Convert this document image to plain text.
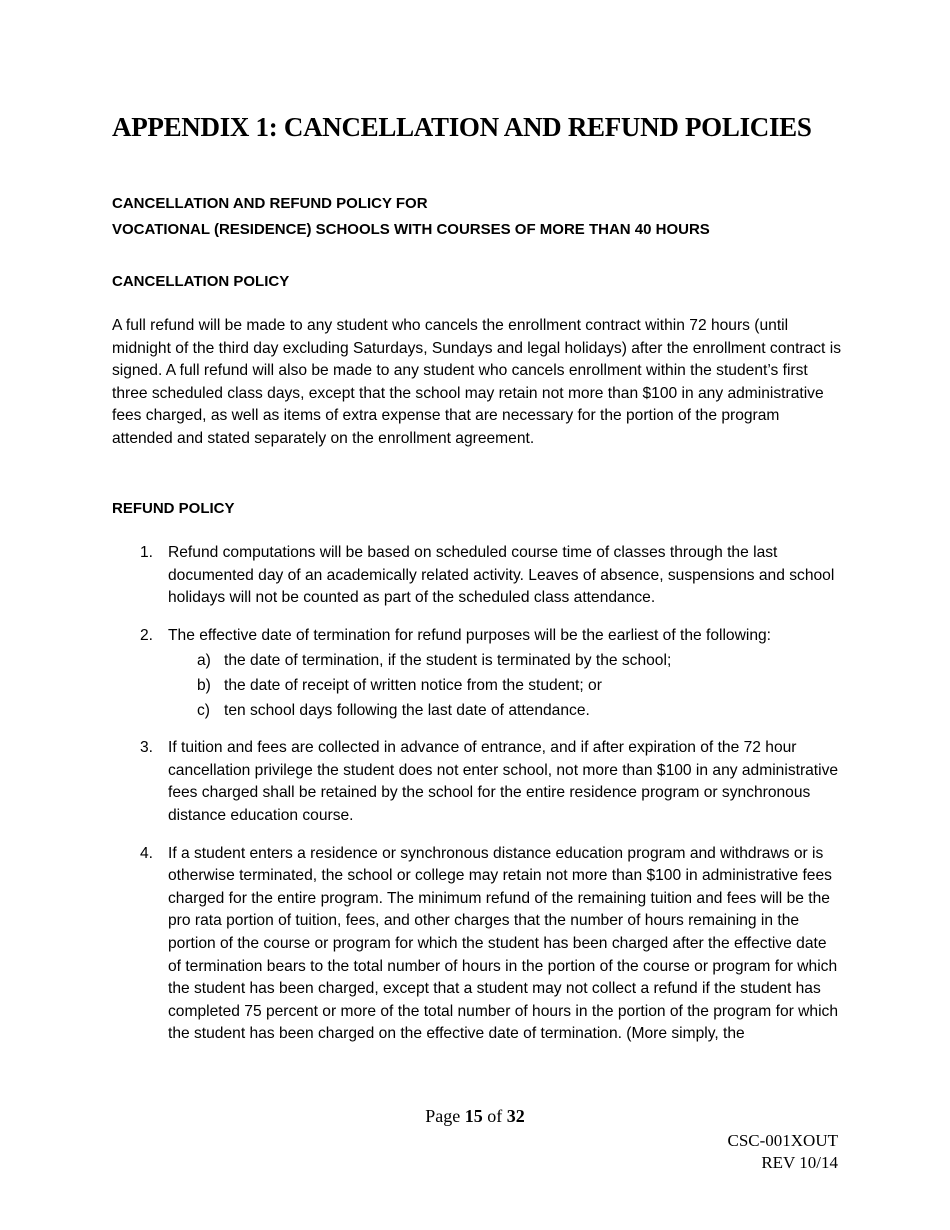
APPENDIX 1: CANCELLATION AND REFUND POLICIES

CANCELLATION AND REFUND POLICY FOR

VOCATIONAL (RESIDENCE) SCHOOLS WITH COURSES OF MORE THAN 40 HOURS

CANCELLATION POLICY

A full refund will be made to any student who cancels the enrollment contract within 72 hours (until midnight of the third day excluding Saturdays, Sundays and legal holidays) after the enrollment contract is signed. A full refund will also be made to any student who cancels enrollment within the student’s first three scheduled class days, except that the school may retain not more than $100 in any administrative fees charged, as well as items of extra expense that are necessary for the portion of the program attended and stated separately on the enrollment agreement.

REFUND POLICY

1. Refund computations will be based on scheduled course time of classes through the last documented day of an academically related activity. Leaves of absence, suspensions and school holidays will not be counted as part of the scheduled class attendance.
2. The effective date of termination for refund purposes will be the earliest of the following:
a) the date of termination, if the student is terminated by the school;
b) the date of receipt of written notice from the student; or
c) ten school days following the last date of attendance.
3. If tuition and fees are collected in advance of entrance, and if after expiration of the 72 hour cancellation privilege the student does not enter school, not more than $100 in any administrative fees charged shall be retained by the school for the entire residence program or synchronous distance education course.
4. If a student enters a residence or synchronous distance education program and withdraws or is otherwise terminated, the school or college may retain not more than $100 in administrative fees charged for the entire program. The minimum refund of the remaining tuition and fees will be the pro rata portion of tuition, fees, and other charges that the number of hours remaining in the portion of the course or program for which the student has been charged after the effective date of termination bears to the total number of hours in the portion of the course or program for which the student has been charged, except that a student may not collect a refund if the student has completed 75 percent or more of the total number of hours in the portion of the program for which the student has been charged on the effective date of termination. (More simply, the
Page 15 of 32
CSC-001XOUT
REV 10/14
